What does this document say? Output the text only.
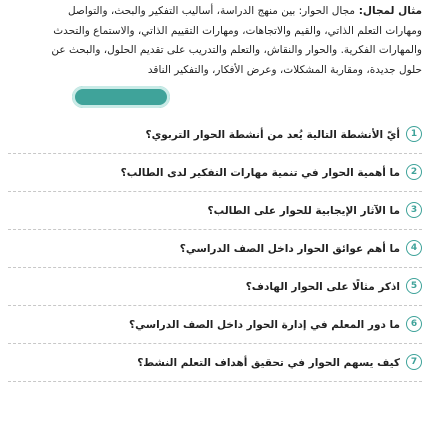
مثال لمجال: مجال الحوار: بين منهج الدراسة، أساليب التفكير والبحث، والتواصل
ومهارات التعلم الذاتي، والقيم والاتجاهات، ومهارات التقييم الذاتي، والاستماع والتحدث
والمهارات الفكرية. والحوار والنقاش، والتعلم والتدريب على تقديم الحلول، والبحث عن
حلول جديدة، ومقاربة المشكلات، وعرض الأفكار، والتفكير الناقد
1
أيّ الأنشطة التالية يُعد من أنشطة الحوار التربوي؟
2
ما أهمية الحوار في تنمية مهارات التفكير لدى الطالب؟
3
ما الآثار الإيجابية للحوار على الطالب؟
4
ما أهم عوائق الحوار داخل الصف الدراسي؟
5
اذكر مثالًا على الحوار الهادف؟
6
ما دور المعلم في إدارة الحوار داخل الصف الدراسي؟
7
كيف يسهم الحوار في تحقيق أهداف التعلم النشط؟
